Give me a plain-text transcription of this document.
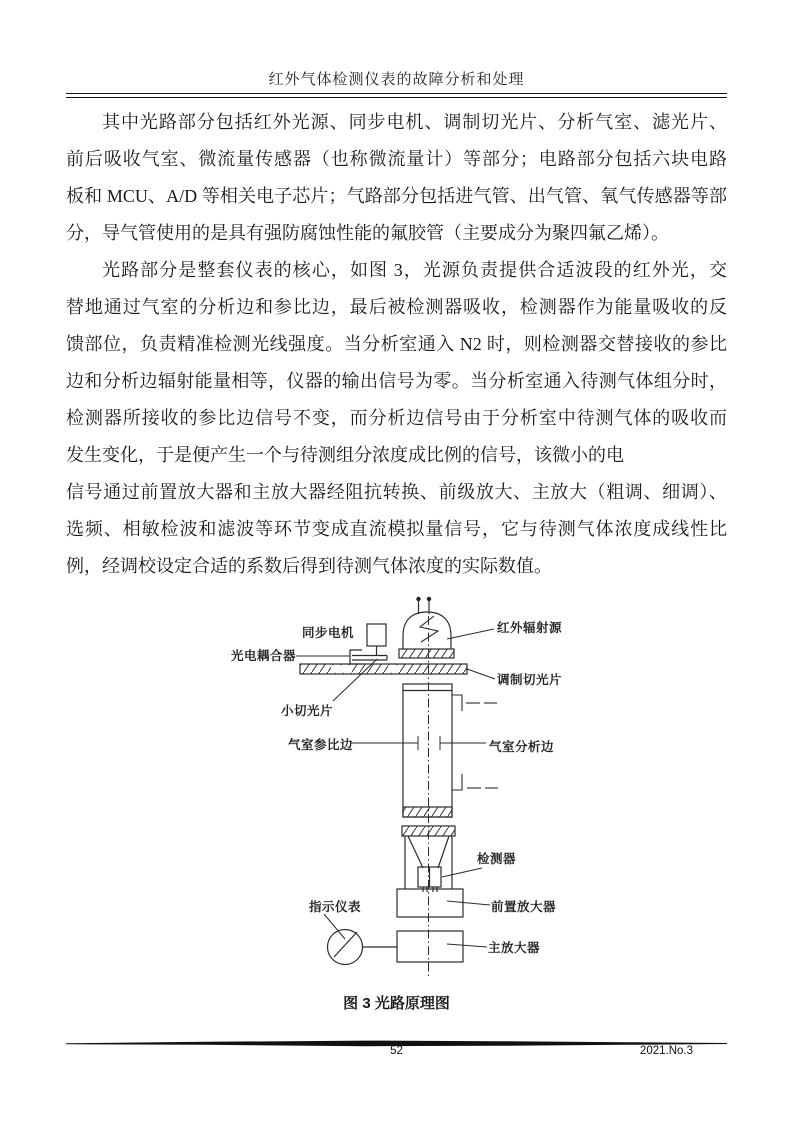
红外气体检测仪表的故障分析和处理
其中光路部分包括红外光源、同步电机、调制切光片、分析气室、滤光片、
前后吸收气室、微流量传感器（也称微流量计）等部分；电路部分包括六块电路
板和 MCU、A/D 等相关电子芯片；气路部分包括进气管、出气管、氧气传感器等部
分，导气管使用的是具有强防腐蚀性能的氟胶管（主要成分为聚四氟乙烯）。
光路部分是整套仪表的核心，如图 3，光源负责提供合适波段的红外光，交
替地通过气室的分析边和参比边，最后被检测器吸收，检测器作为能量吸收的反
馈部位，负责精准检测光线强度。当分析室通入 N2 时，则检测器交替接收的参比
边和分析边辐射能量相等，仪器的输出信号为零。当分析室通入待测气体组分时，
检测器所接收的参比边信号不变，而分析边信号由于分析室中待测气体的吸收而
发生变化，于是便产生一个与待测组分浓度成比例的信号，该微小的电
信号通过前置放大器和主放大器经阻抗转换、前级放大、主放大（粗调、细调）、
选频、相敏检波和滤波等环节变成直流模拟量信号，它与待测气体浓度成线性比
例，经调校设定合适的系数后得到待测气体浓度的实际数值。
同步电机
光电耦合器
红外辐射源
调制切光片
小切光片
气室参比边	气室分析边
检测器
前置放大器
指示仪表
主放大器
图 3 光路原理图
52	2021.No.3
